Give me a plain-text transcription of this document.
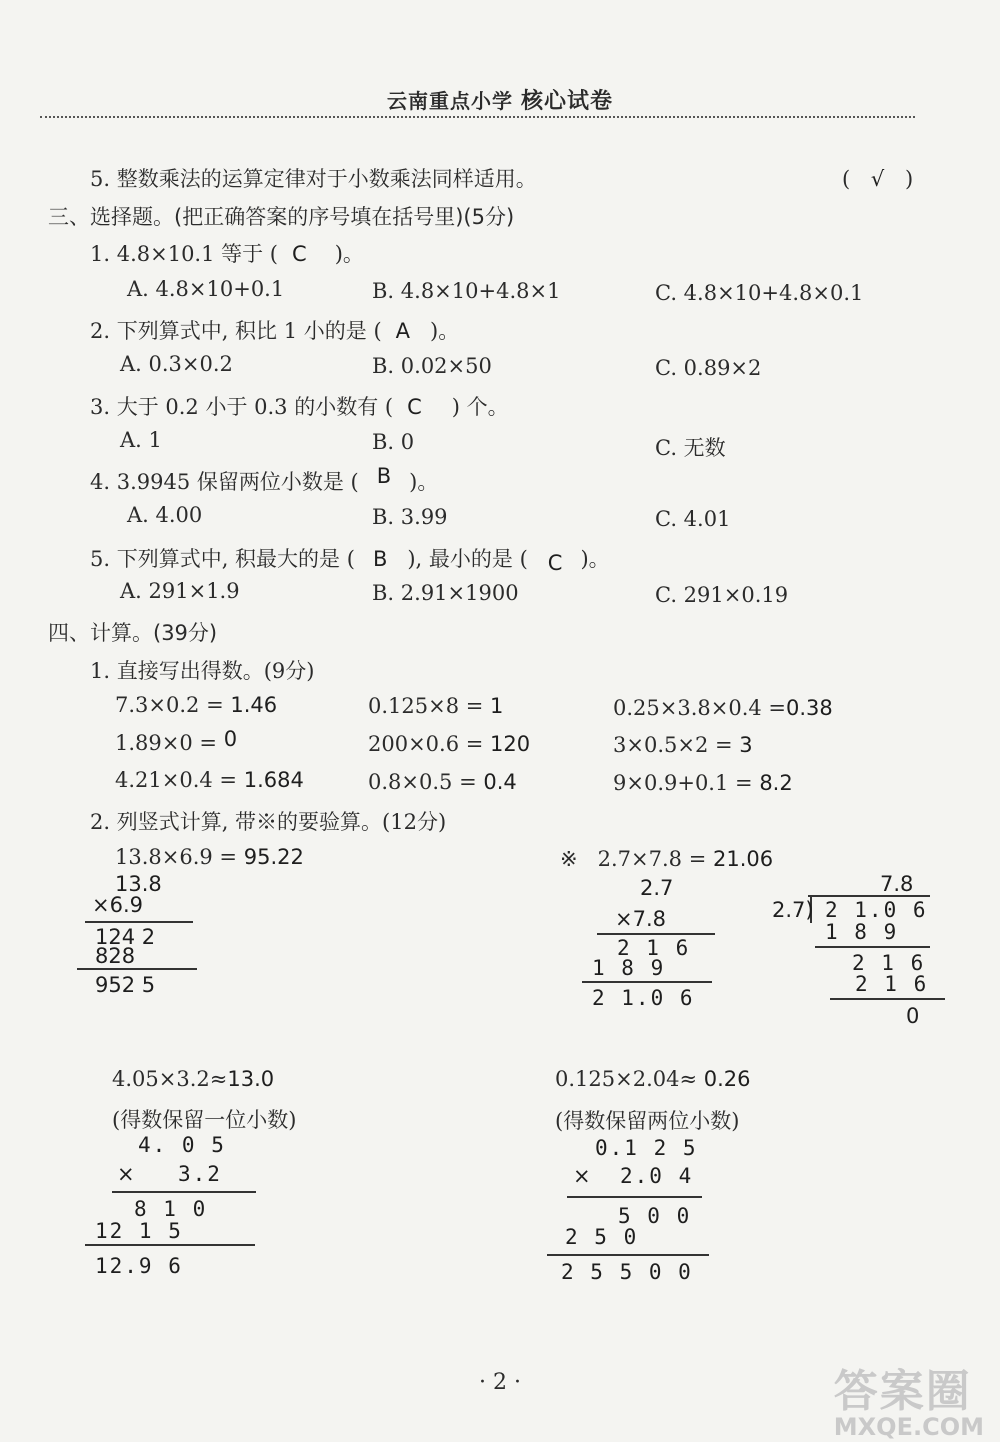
云南重点小学 核心试卷
5. 整数乘法的运算定律对于小数乘法同样适用。	( √ )
三、选择题。(把正确答案的序号填在括号里)(5分)
1. 4.8×10.1 等于 ( C )。
A. 4.8×10+0.1	B. 4.8×10+4.8×1	C. 4.8×10+4.8×0.1
2. 下列算式中, 积比 1 小的是 ( A )。
A. 0.3×0.2	B. 0.02×50	C. 0.89×2
3. 大于 0.2 小于 0.3 的小数有 ( C ) 个。
A. 1	B. 0	C. 无数
4. 3.9945 保留两位小数是 ( B )。
A. 4.00	B. 3.99	C. 4.01
5. 下列算式中, 积最大的是 ( B ), 最小的是 ( C )。
A. 291×1.9	B. 2.91×1900	C. 291×0.19
四、计算。(39分)
1. 直接写出得数。(9分)
7.3×0.2 = 1.46	0.125×8 = 1	0.25×3.8×0.4 =0.38
1.89×0 = 0	200×0.6 = 120	3×0.5×2 = 3
4.21×0.4 = 1.684	0.8×0.5 = 0.4	9×0.9+0.1 = 8.2
2. 列竖式计算, 带※的要验算。(12分)
13.8×6.9 = 95.22
13.8
×6.9
124 2
828
952 5
※ 2.7×7.8 = 21.06
2.7
×7.8
2 1 6
1 8 9
2 1.0 6
7.8
2.7) 2 1.0 6
1 8 9
2 1 6
2 1 6
0
4.05×3.2≈13.0
(得数保留一位小数)
4. 0 5
× 3.2
8 1 0
12 1 5
12.9 6
0.125×2.04≈ 0.26
(得数保留两位小数)
0.1 2 5
× 2.0 4
5 0 0
2 5 0
2 5 5 0 0
· 2 ·	答案圈
MXQE.COM
